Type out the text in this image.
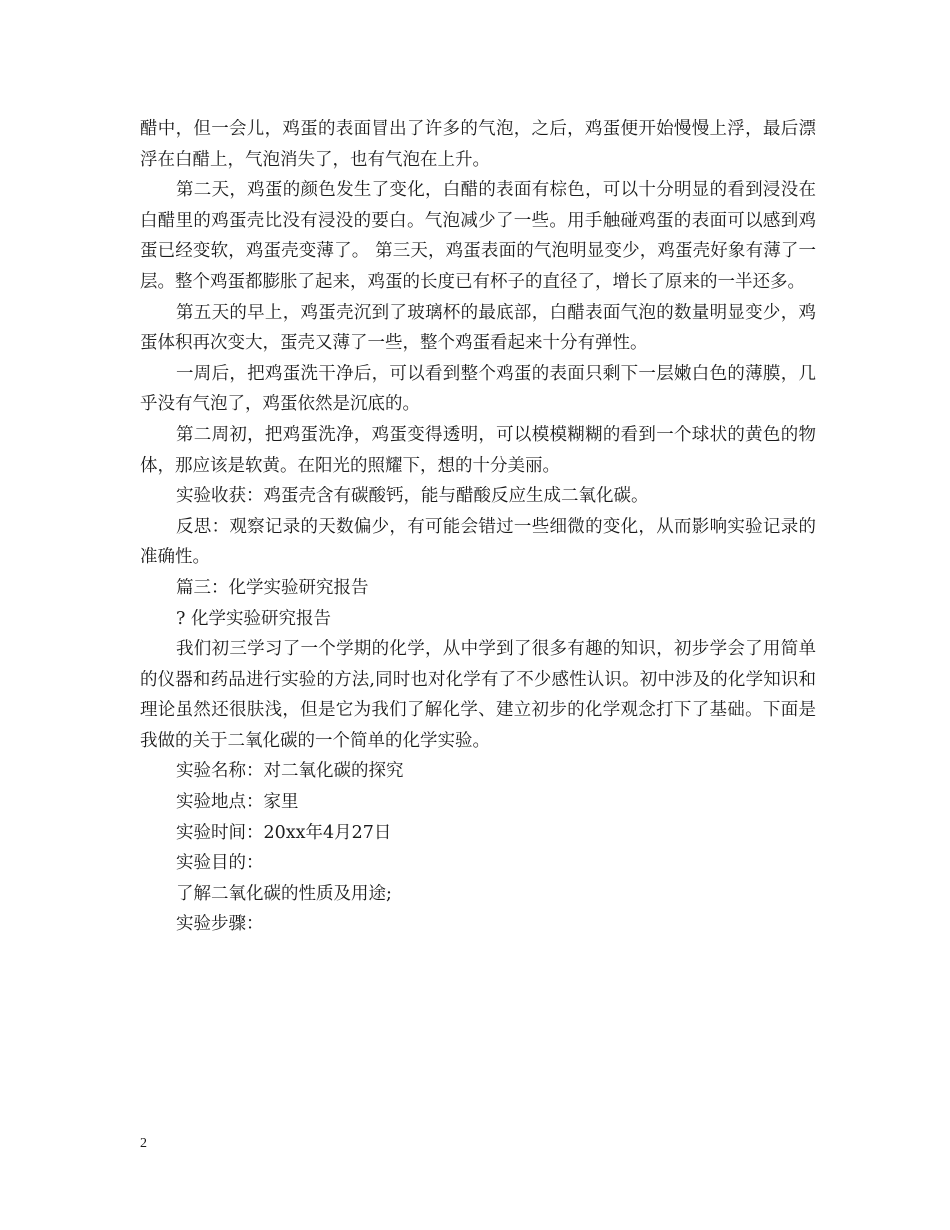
醋中，但一会儿，鸡蛋的表面冒出了许多的气泡，之后，鸡蛋便开始慢慢上浮，最后漂浮在白醋上，气泡消失了，也有气泡在上升。

第二天，鸡蛋的颜色发生了变化，白醋的表面有棕色，可以十分明显的看到浸没在白醋里的鸡蛋壳比没有浸没的要白。气泡减少了一些。用手触碰鸡蛋的表面可以感到鸡蛋已经变软，鸡蛋壳变薄了。 第三天，鸡蛋表面的气泡明显变少，鸡蛋壳好象有薄了一层。整个鸡蛋都膨胀了起来，鸡蛋的长度已有杯子的直径了，增长了原来的一半还多。

第五天的早上，鸡蛋壳沉到了玻璃杯的最底部，白醋表面气泡的数量明显变少，鸡蛋体积再次变大，蛋壳又薄了一些，整个鸡蛋看起来十分有弹性。

一周后，把鸡蛋洗干净后，可以看到整个鸡蛋的表面只剩下一层嫩白色的薄膜，几乎没有气泡了，鸡蛋依然是沉底的。

第二周初，把鸡蛋洗净，鸡蛋变得透明，可以模模糊糊的看到一个球状的黄色的物体，那应该是软黄。在阳光的照耀下，想的十分美丽。

实验收获：鸡蛋壳含有碳酸钙，能与醋酸反应生成二氧化碳。

反思：观察记录的天数偏少，有可能会错过一些细微的变化，从而影响实验记录的准确性。

篇三：化学实验研究报告

? 化学实验研究报告

我们初三学习了一个学期的化学，从中学到了很多有趣的知识，初步学会了用简单的仪器和药品进行实验的方法,同时也对化学有了不少感性认识。初中涉及的化学知识和理论虽然还很肤浅，但是它为我们了解化学、建立初步的化学观念打下了基础。下面是我做的关于二氧化碳的一个简单的化学实验。

实验名称：对二氧化碳的探究

实验地点：家里

实验时间：20xx年4月27日

实验目的：

了解二氧化碳的性质及用途;

实验步骤：

2
